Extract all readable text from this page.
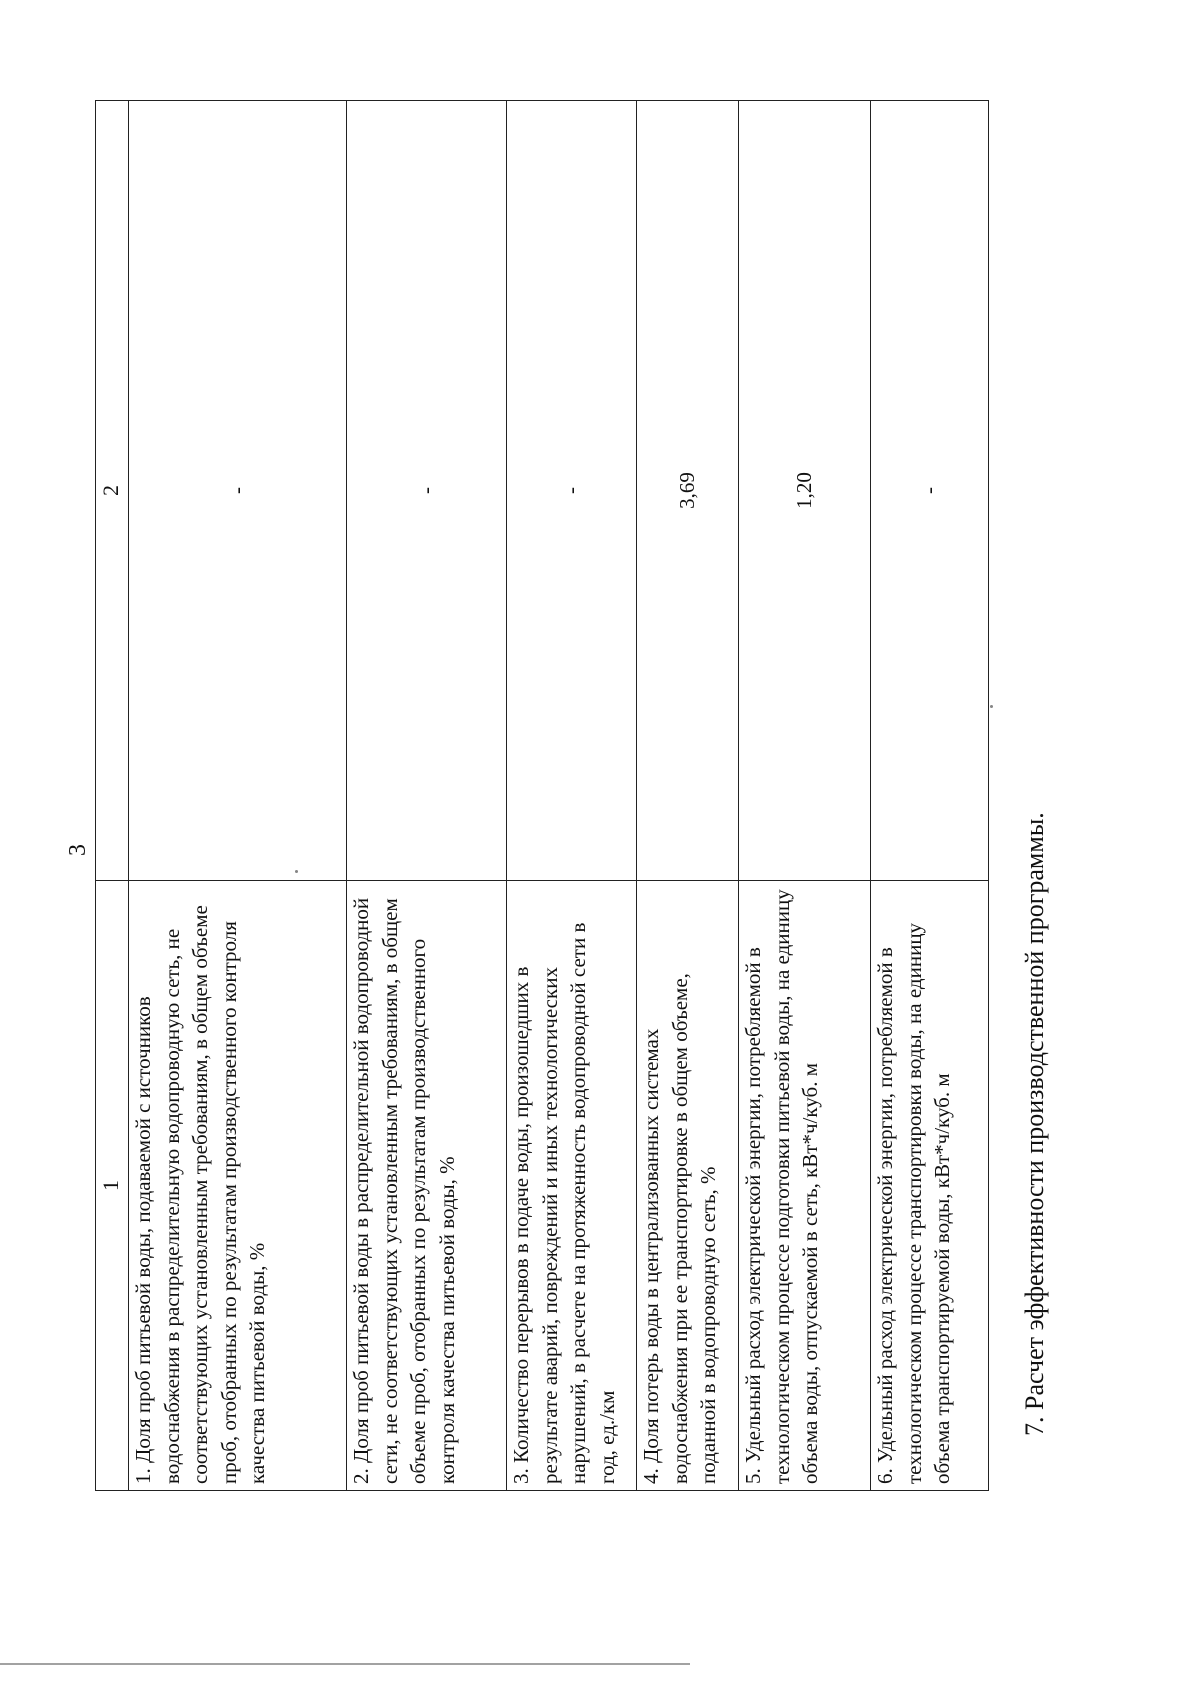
3
1	2
1. Доля проб питьевой воды, подаваемой с источников водоснабжения в распределительную водопроводную сеть, не соответствующих установленным требованиям, в общем объеме проб, отобранных по результатам производственного контроля качества питьевой воды, %	-
2. Доля проб питьевой воды в распределительной водопроводной сети, не соответствующих установленным требованиям, в общем объеме проб, отобранных по результатам производственного контроля качества питьевой воды, %	-
3. Количество перерывов в подаче воды, произошедших в результате аварий, повреждений и иных технологических нарушений, в расчете на протяженность водопроводной сети в год, ед./км	-
4. Доля потерь воды в централизованных системах водоснабжения при ее транспортировке в общем объеме, поданной в водопроводную сеть, %	3,69
5. Удельный расход электрической энергии, потребляемой в технологическом процессе подготовки питьевой воды, на единицу объема воды, отпускаемой в сеть, кВт*ч/куб. м	1,20
6. Удельный расход электрической энергии, потребляемой в технологическом процессе транспортировки воды, на единицу объема транспортируемой воды, кВт*ч/куб. м	-
7. Расчет эффективности производственной программы.
